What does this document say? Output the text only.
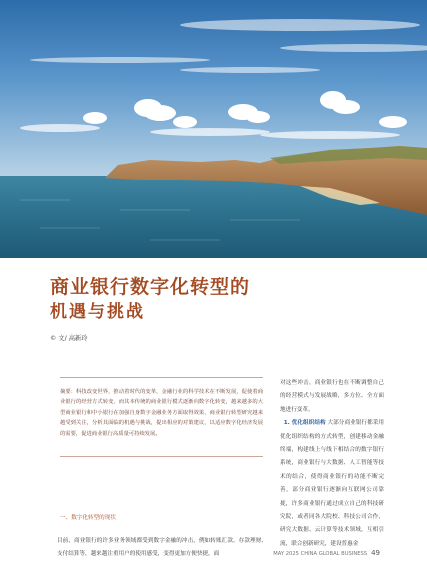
商业银行数字化转型的
机遇与挑战
© 文/ 高新玲
摘要：科技改变世界，推动着时代的变革，金融行业的科学技术在不断发展，促使着商业银行的经营方式转变，而其本传统的商业银行模式逐渐向数字化转变，越来越多的大型商业银行和中小银行在加强自身数字金融业务方面取得效果，商业银行转型研究越来越受到关注，分析其面临的机遇与挑战，提出相应的对策建议，以适应数字化经济发展的需要，促进商业银行高质量可持续发展。
一、数字化转型的现状
目前，商业银行的许多业务领域都受到数字金融的冲击，例如转账汇款、存款理财、支付结算等，越来越注重用户的使用感受，变得更加方便快捷，面

对这些冲击，商业银行也在不断调整自己的经营模式与发展战略，多方位、全方面地进行变革。

1. 优化组织结构 大部分商业银行都采用优化组织结构的方式转型，创建移动金融终端，构建线上与线下相结合的数字银行系统，商业银行与大数据、人工智能等技术的结合，使得商业银行的功能不断完善，部分商业银行逐渐向互联网公司靠拢，许多商业银行通过成立自己的科技研究院，或者同各大院校、科技公司合作，研究大数据、云计算等技术领域，互相引流，联合创新研究，建设普惠金

MAY 2025 CHINA GLOBAL BUSINESS 49
